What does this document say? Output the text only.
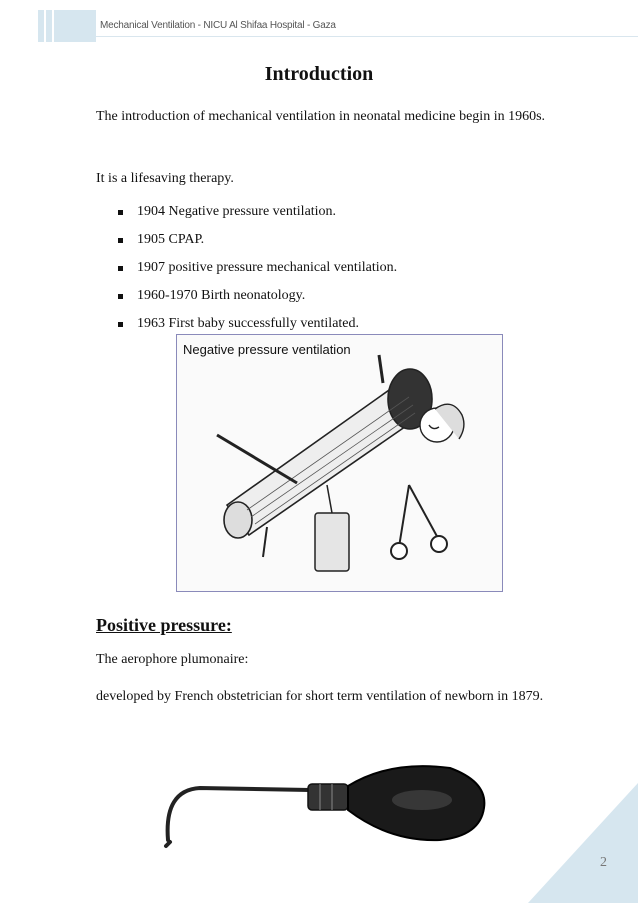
Mechanical Ventilation - NICU Al Shifaa Hospital - Gaza
Introduction
The introduction of mechanical ventilation in neonatal medicine begin in 1960s.
It is a lifesaving therapy.
1904 Negative pressure ventilation.
1905 CPAP.
1907 positive pressure mechanical ventilation.
1960-1970 Birth neonatology.
1963 First baby successfully ventilated.
Negative pressure ventilation
Positive pressure:
The aerophore plumonaire:
developed by French obstetrician for short term ventilation of newborn in 1879.
2
